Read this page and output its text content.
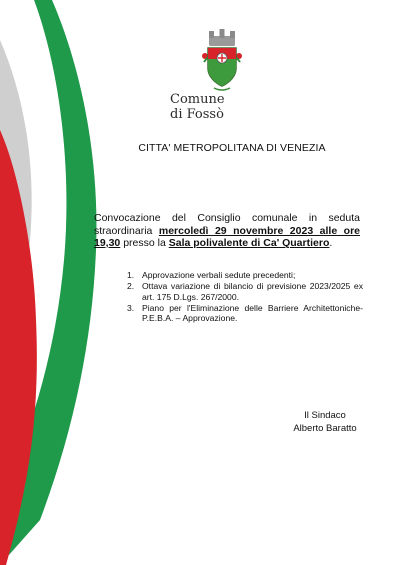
Comune
di Fossò
CITTA' METROPOLITANA DI VENEZIA
Convocazione del Consiglio comunale in seduta straordinaria mercoledì 29 novembre 2023 alle ore 19,30 presso la Sala polivalente di Ca' Quartiero.
1. Approvazione verbali sedute precedenti;
2. Ottava variazione di bilancio di previsione 2023/2025 ex art. 175 D.Lgs. 267/2000.
3. Piano per l'Eliminazione delle Barriere Architettoniche-P.E.B.A. – Approvazione.
Il Sindaco
Alberto Baratto
